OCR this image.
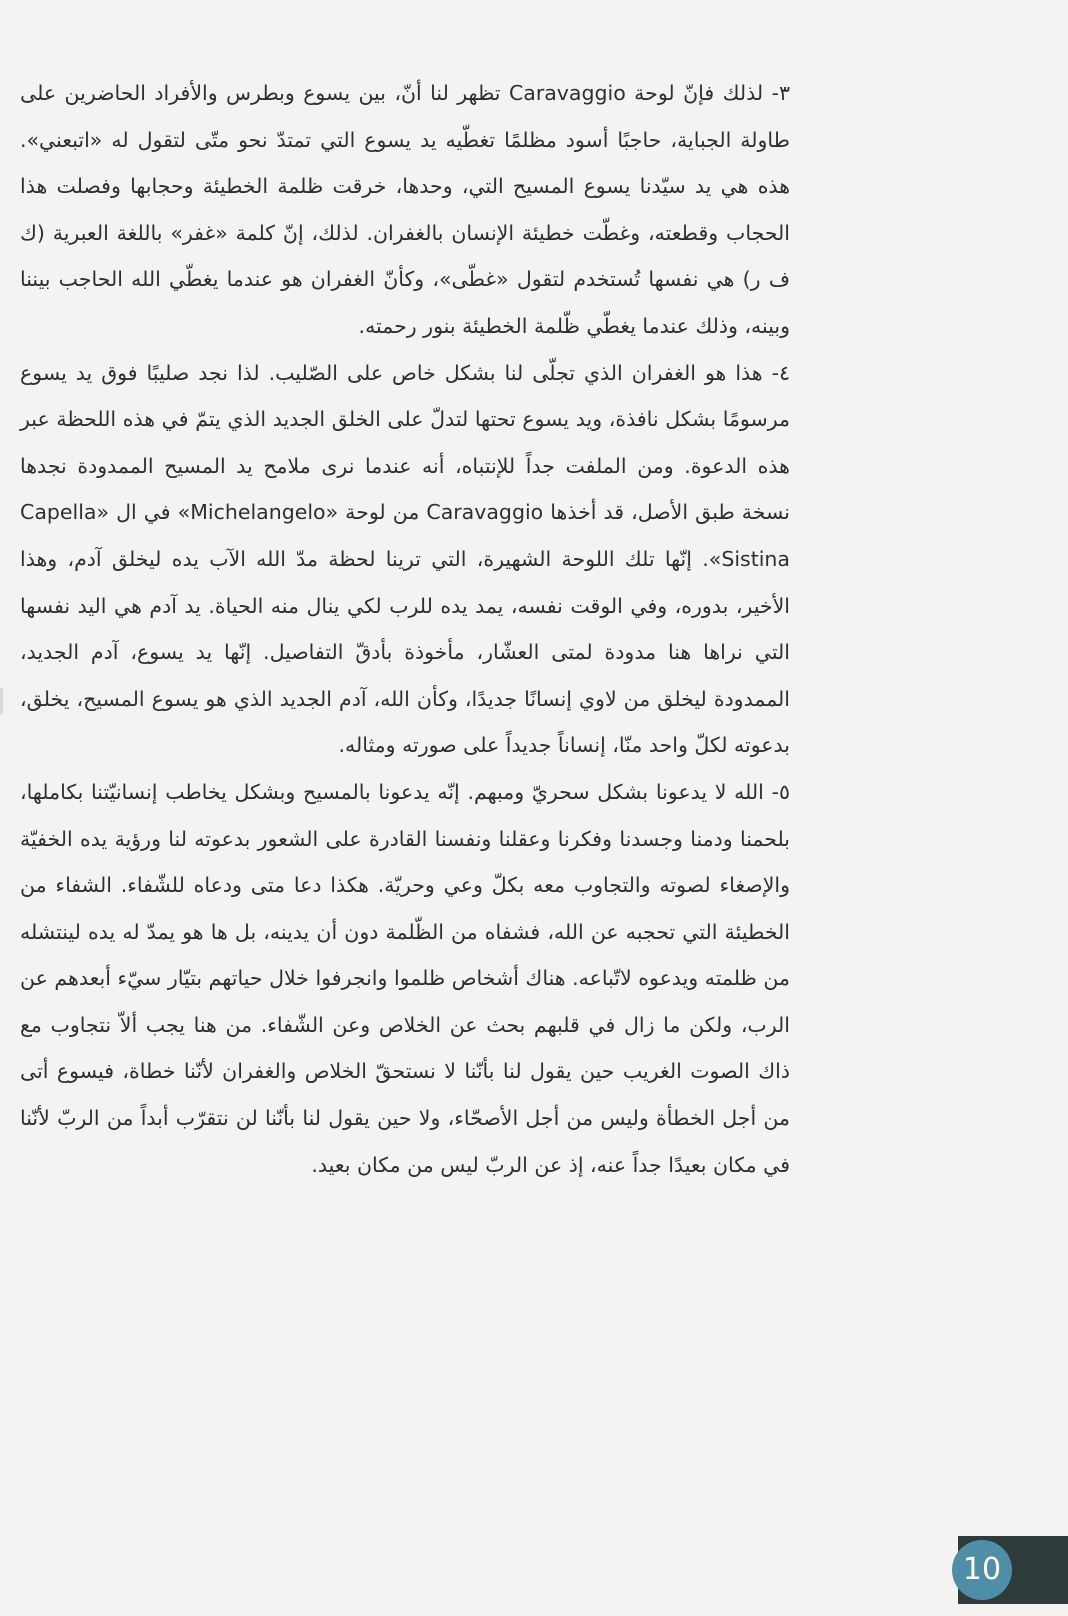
٣- لذلك فإنّ لوحة Caravaggio تظهر لنا أنّ، بين يسوع وبطرس والأفراد الحاضرين على طاولة الجباية، حاجبًا أسود مظلمًا تغطّيه يد يسوع التي تمتدّ نحو متّى لتقول له «اتبعني». هذه هي يد سيّدنا يسوع المسيح التي، وحدها، خرقت ظلمة الخطيئة وحجابها وفصلت هذا الحجاب وقطعته، وغطّت خطيئة الإنسان بالغفران. لذلك، إنّ كلمة «غفر» باللغة العبرية (ك ف ر) هي نفسها تُستخدم لتقول «غطّى»، وكأنّ الغفران هو عندما يغطّي الله الحاجب بيننا وبينه، وذلك عندما يغطّي ظّلمة الخطيئة بنور رحمته.

٤- هذا هو الغفران الذي تجلّى لنا بشكل خاص على الصّليب. لذا نجد صليبًا فوق يد يسوع مرسومًا بشكل نافذة، ويد يسوع تحتها لتدلّ على الخلق الجديد الذي يتمّ في هذه اللحظة عبر هذه الدعوة. ومن الملفت جداً للإنتباه، أنه عندما نرى ملامح يد المسيح الممدودة نجدها نسخة طبق الأصل، قد أخذها Caravaggio من لوحة «Michelangelo» في ال «Capella Sistina». إنّها تلك اللوحة الشهيرة، التي ترينا لحظة مدّ الله الآب يده ليخلق آدم، وهذا الأخير، بدوره، وفي الوقت نفسه، يمد يده للرب لكي ينال منه الحياة. يد آدم هي اليد نفسها التي نراها هنا مدودة لمتى العشّار، مأخوذة بأدقّ التفاصيل. إنّها يد يسوع، آدم الجديد، الممدودة ليخلق من لاوي إنسانًا جديدًا، وكأن الله، آدم الجديد الذي هو يسوع المسيح، يخلق، بدعوته لكلّ واحد منّا، إنساناً جديداً على صورته ومثاله.

٥- الله لا يدعونا بشكل سحريّ ومبهم. إنّه يدعونا بالمسيح وبشكل يخاطب إنسانيّتنا بكاملها، بلحمنا ودمنا وجسدنا وفكرنا وعقلنا ونفسنا القادرة على الشعور بدعوته لنا ورؤية يده الخفيّة والإصغاء لصوته والتجاوب معه بكلّ وعي وحريّة. هكذا دعا متى ودعاه للشّفاء. الشفاء من الخطيئة التي تحجبه عن الله، فشفاه من الظّلمة دون أن يدينه، بل ها هو يمدّ له يده لينتشله من ظلمته ويدعوه لاتّباعه. هناك أشخاص ظلموا وانجرفوا خلال حياتهم بتيّار سيّء أبعدهم عن الرب، ولكن ما زال في قلبهم بحث عن الخلاص وعن الشّفاء. من هنا يجب ألاّ نتجاوب مع ذاك الصوت الغريب حين يقول لنا بأنّنا لا نستحقّ الخلاص والغفران لأنّنا خطاة، فيسوع أتى من أجل الخطأة وليس من أجل الأصحّاء، ولا حين يقول لنا بأنّنا لن نتقرّب أبداً من الربّ لأنّنا في مكان بعيدًا جداً عنه، إذ عن الربّ ليس من مكان بعيد.

10
